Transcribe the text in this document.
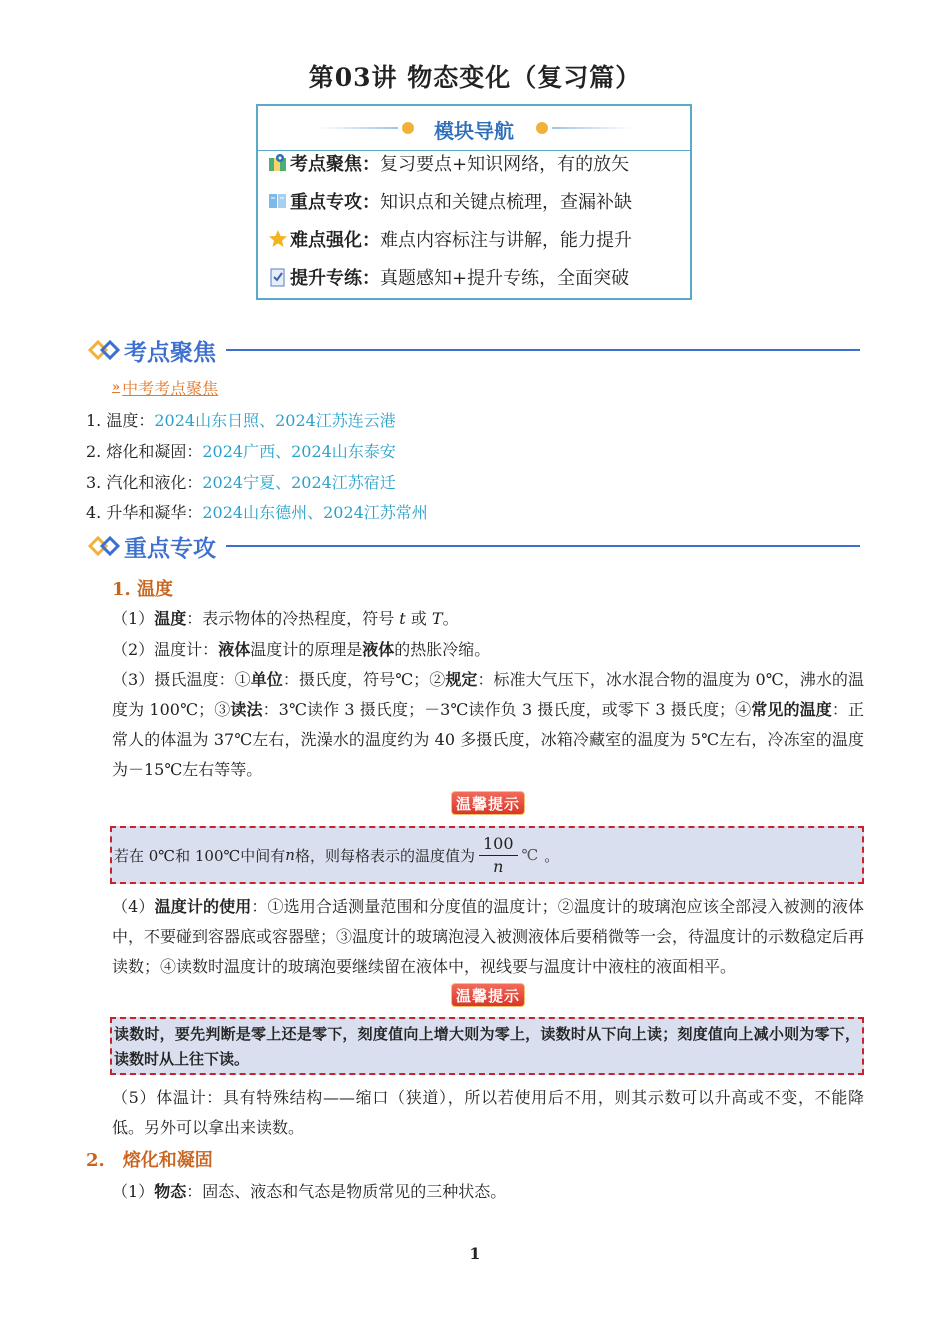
第03讲 物态变化（复习篇）
模块导航
考点聚焦： 复习要点+知识网络，有的放矢
重点专攻： 知识点和关键点梳理，查漏补缺
难点强化： 难点内容标注与讲解，能力提升
提升专练： 真题感知+提升专练，全面突破
考点聚焦
» 中考考点聚焦
1. 温度：2024山东日照、2024江苏连云港
2. 熔化和凝固：2024广西、2024山东泰安
3. 汽化和液化：2024宁夏、2024江苏宿迁
4. 升华和凝华：2024山东德州、2024江苏常州
重点专攻
1. 温度
（1）温度：表示物体的冷热程度，符号 t 或 T。
（2）温度计：液体温度计的原理是液体的热胀冷缩。
（3）摄氏温度：①单位：摄氏度，符号℃；②规定：标准大气压下，冰水混合物的温度为 0℃，沸水的温度为 100℃；③读法：3℃读作 3 摄氏度；－3℃读作负 3 摄氏度，或零下 3 摄氏度；④常见的温度：正常人的体温为 37℃左右，洗澡水的温度约为 40 多摄氏度，冰箱冷藏室的温度为 5℃左右，冷冻室的温度为－15℃左右等等。
温馨提示
若在 0℃和 100℃中间有 n 格，则每格表示的温度值为
100
n
℃ 。
（4）温度计的使用：①选用合适测量范围和分度值的温度计；②温度计的玻璃泡应该全部浸入被测的液体中，不要碰到容器底或容器壁；③温度计的玻璃泡浸入被测液体后要稍微等一会，待温度计的示数稳定后再读数；④读数时温度计的玻璃泡要继续留在液体中，视线要与温度计中液柱的液面相平。
温馨提示
读数时，要先判断是零上还是零下，刻度值向上增大则为零上，读数时从下向上读；刻度值向上减小则为零下，读数时从上往下读。
（5）体温计：具有特殊结构——缩口（狭道），所以若使用后不用，则其示数可以升高或不变，不能降低。另外可以拿出来读数。
2.　熔化和凝固
（1）物态：固态、液态和气态是物质常见的三种状态。
1
